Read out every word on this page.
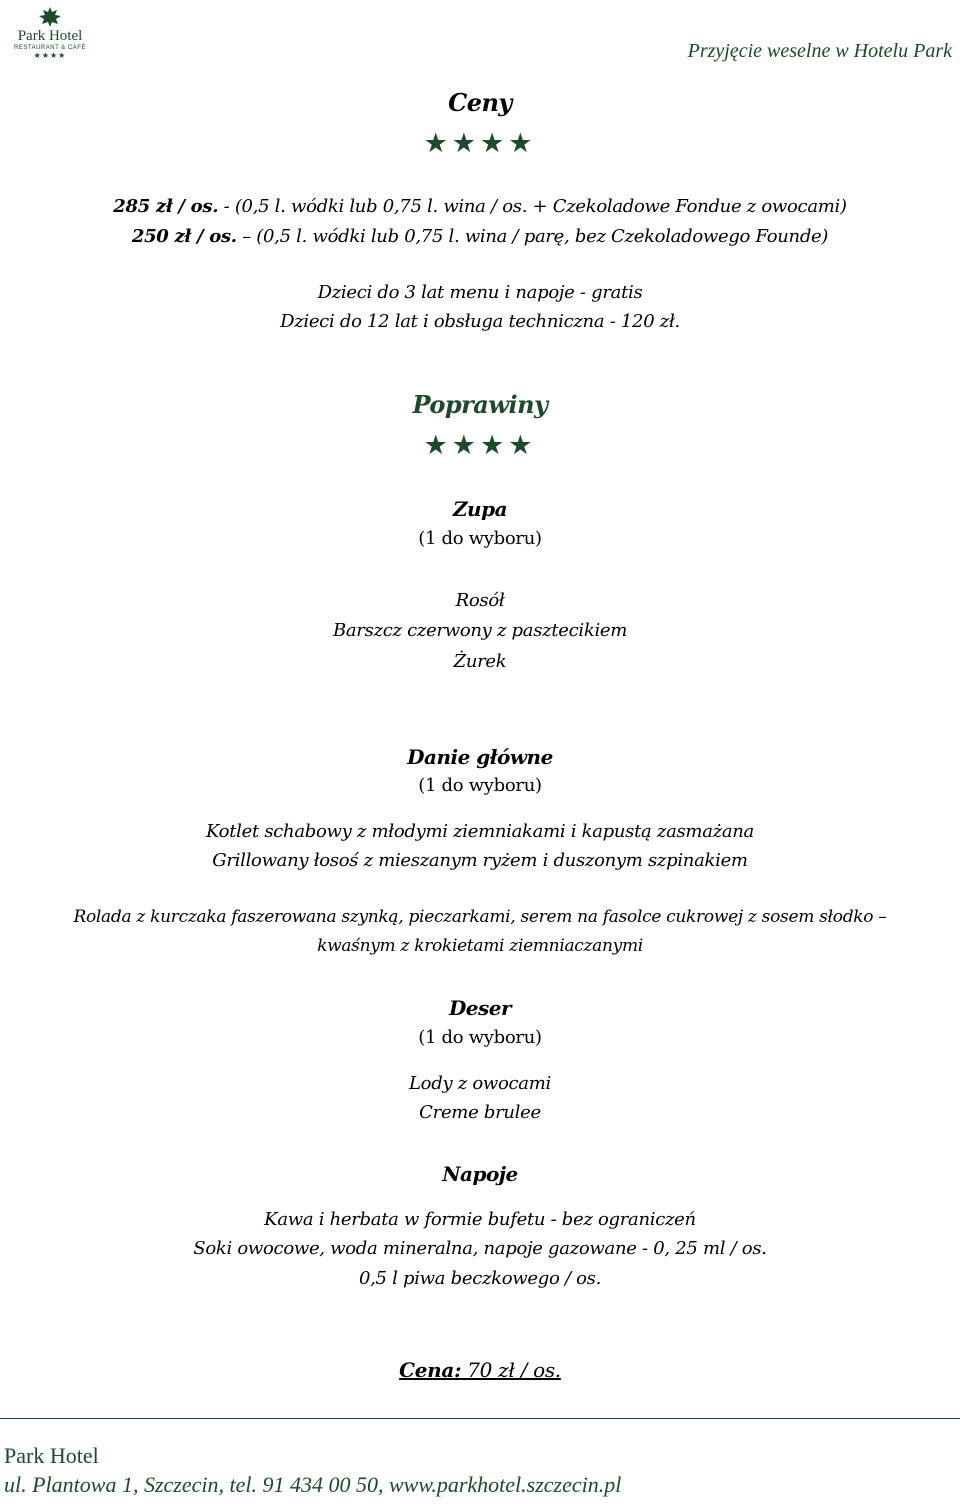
Park Hotel
RESTAURANT & CAFÉ
★★★★	Przyjęcie weselne w Hotelu Park
Ceny
★★★★
285 zł / os. - (0,5 l. wódki lub 0,75 l. wina / os. + Czekoladowe Fondue z owocami)
250 zł / os. – (0,5 l. wódki lub 0,75 l. wina / parę, bez Czekoladowego Founde)
Dzieci do 3 lat menu i napoje - gratis
Dzieci do 12 lat i obsługa techniczna - 120 zł.
Poprawiny
★★★★
Zupa
(1 do wyboru)
Rosół
Barszcz czerwony z pasztecikiem
Żurek
Danie główne
(1 do wyboru)
Kotlet schabowy z młodymi ziemniakami i kapustą zasmażana
Grillowany łosoś z mieszanym ryżem i duszonym szpinakiem
Rolada z kurczaka faszerowana szynką, pieczarkami, serem na fasolce cukrowej z sosem słodko –
kwaśnym z krokietami ziemniaczanymi
Deser
(1 do wyboru)
Lody z owocami
Creme brulee
Napoje
Kawa i herbata w formie bufetu - bez ograniczeń
Soki owocowe, woda mineralna, napoje gazowane - 0, 25 ml / os.
0,5 l piwa beczkowego / os.
Cena: 70 zł / os.
Park Hotel
ul. Plantowa 1, Szczecin, tel. 91 434 00 50, www.parkhotel.szczecin.pl
